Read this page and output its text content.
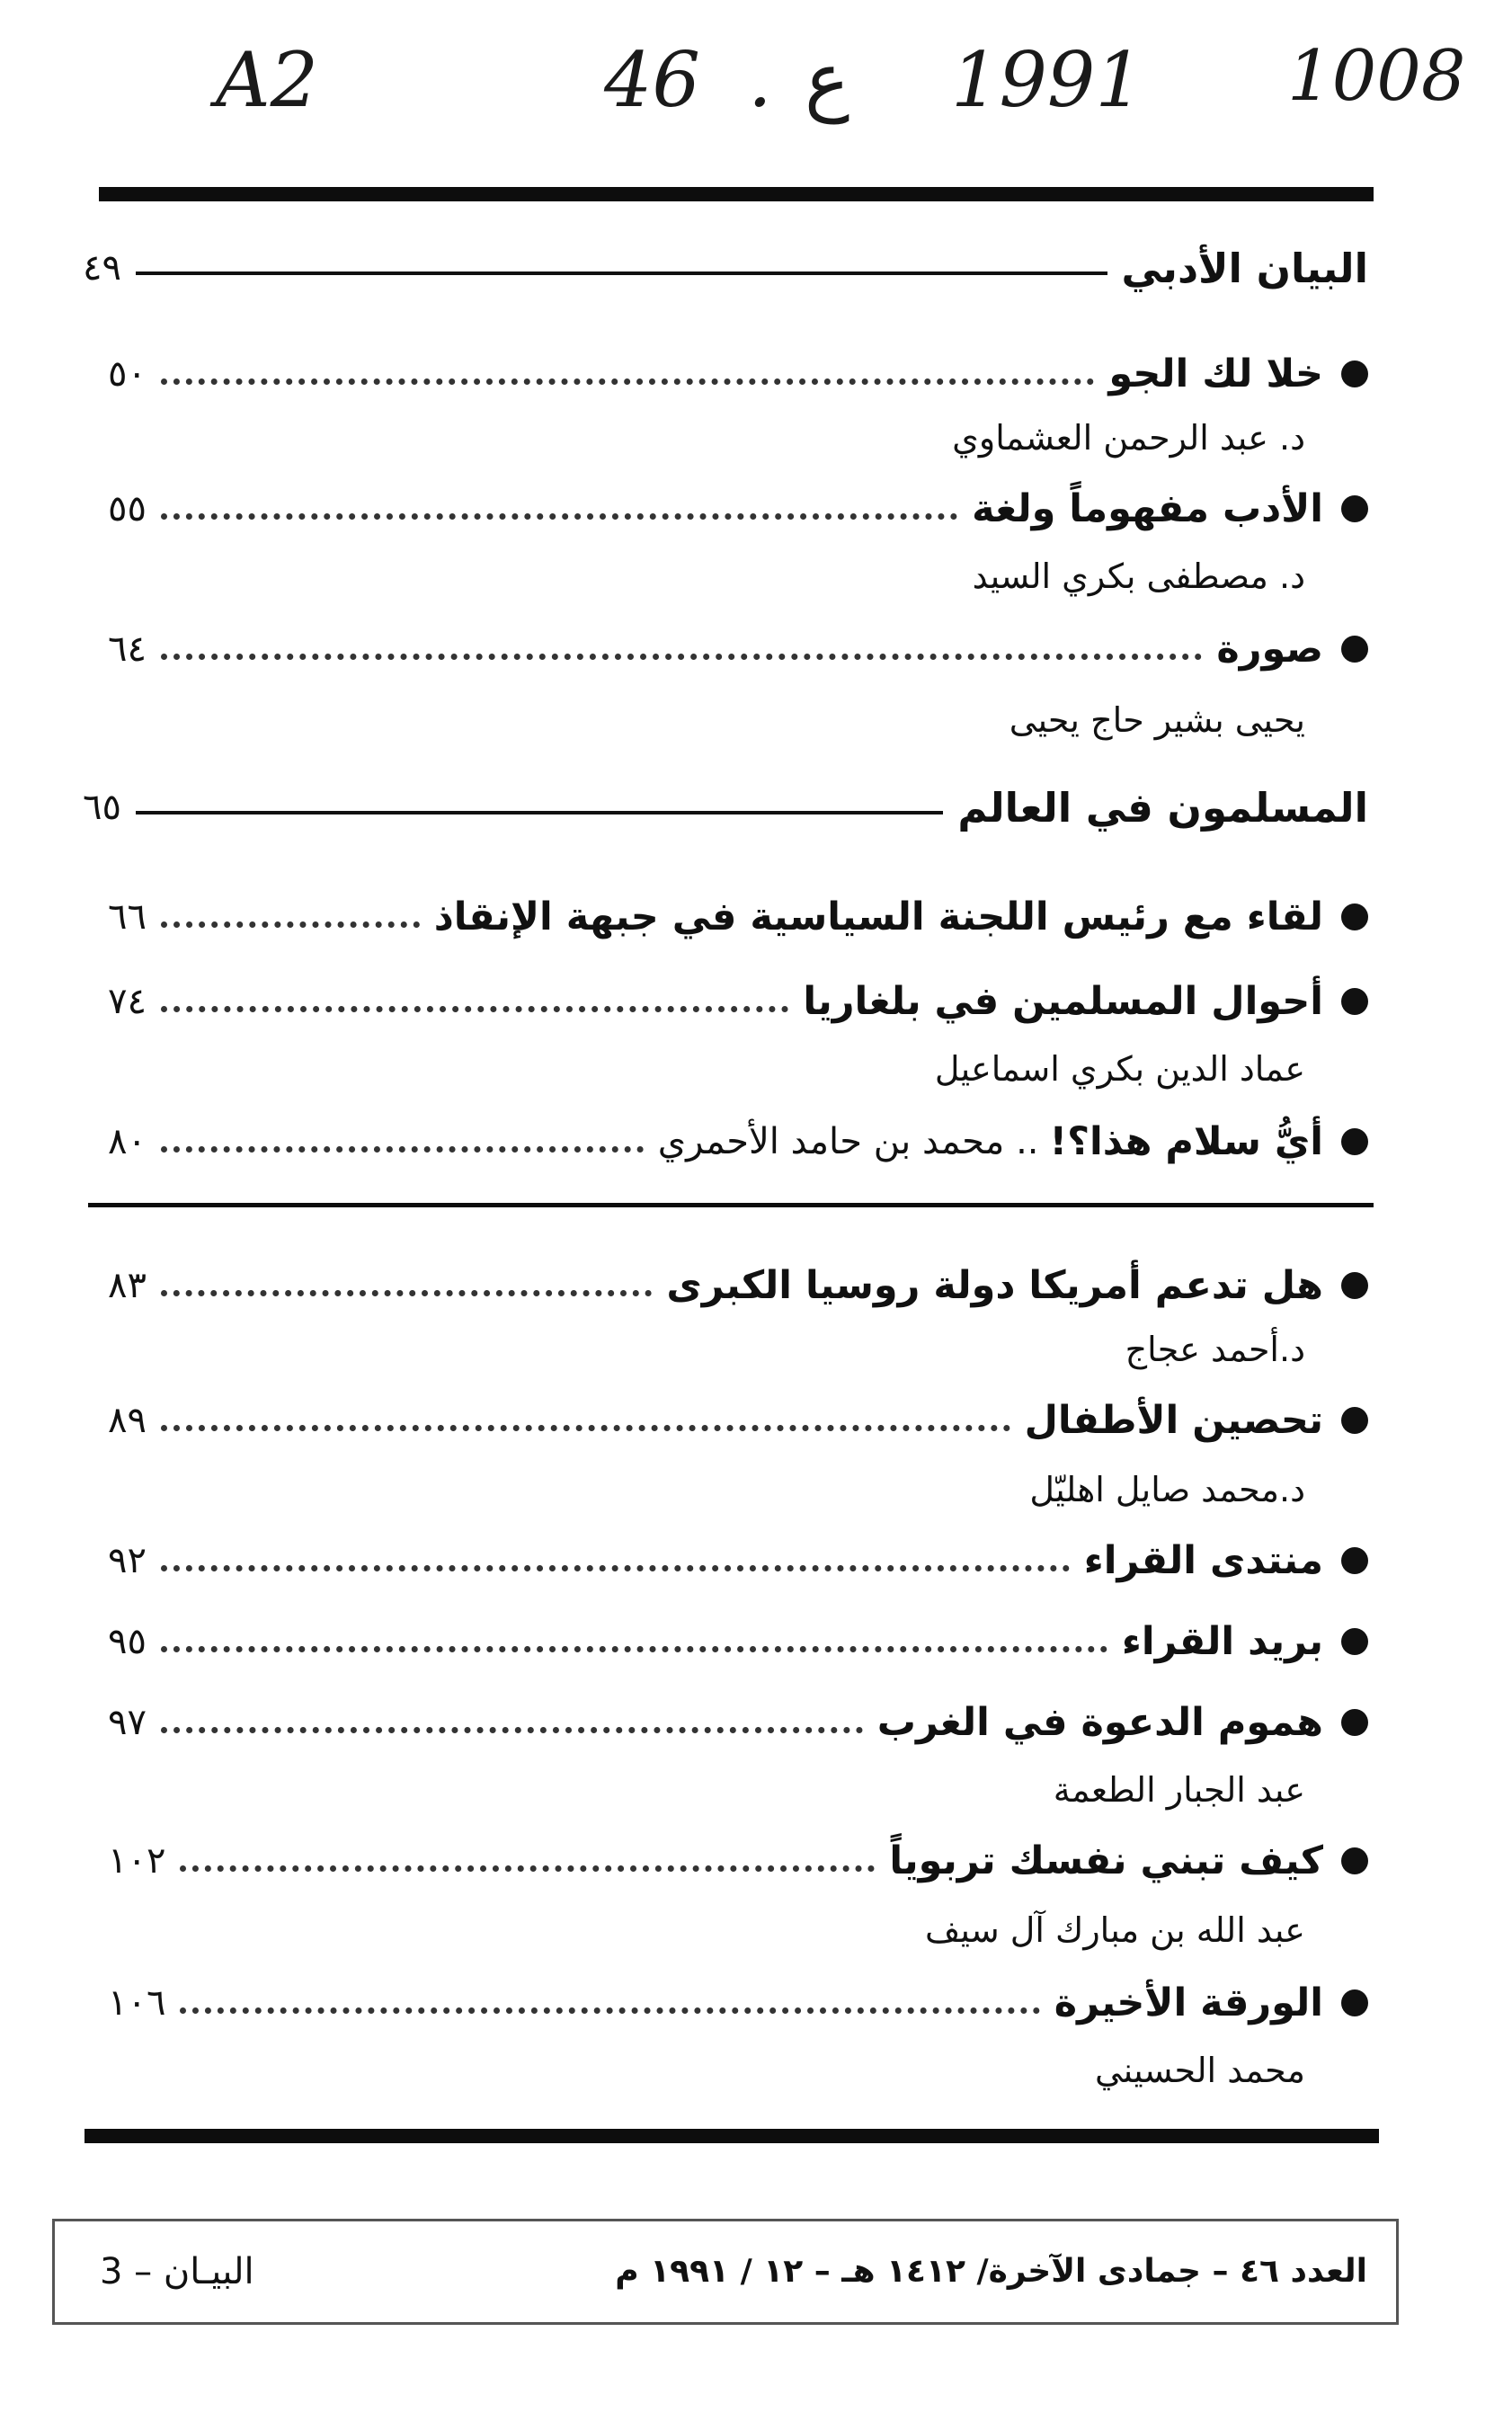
A2	46 . ع 1991 1008
البيان الأدبي
٤٩
خلا لك الجو
٥٠
د. عبد الرحمن العشماوي
الأدب مفهوماً ولغة
٥٥
د. مصطفى بكري السيد
صورة
٦٤
يحيى بشير حاج يحيى
المسلمون في العالم
٦٥
لقاء مع رئيس اللجنة السياسية في جبهة الإنقاذ
٦٦
أحوال المسلمين في بلغاريا
٧٤
عماد الدين بكري اسماعيل
أيُّ سلام هذا؟!
.. محمد بن حامد الأحمري
٨٠
هل تدعم أمريكا دولة روسيا الكبرى
٨٣
د.أحمد عجاج
تحصين الأطفال
٨٩
د.محمد صايل اهليّل
منتدى القراء
٩٢
بريد القراء
٩٥
هموم الدعوة في الغرب
٩٧
عبد الجبار الطعمة
كيف تبني نفسك تربوياً
١٠٢
عبد الله بن مبارك آل سيف
الورقة الأخيرة
١٠٦
محمد الحسيني
3 – البيـان	العدد ٤٦ – جمادى الآخرة/ ١٤١٢ هـ – ١٢ / ١٩٩١ م
